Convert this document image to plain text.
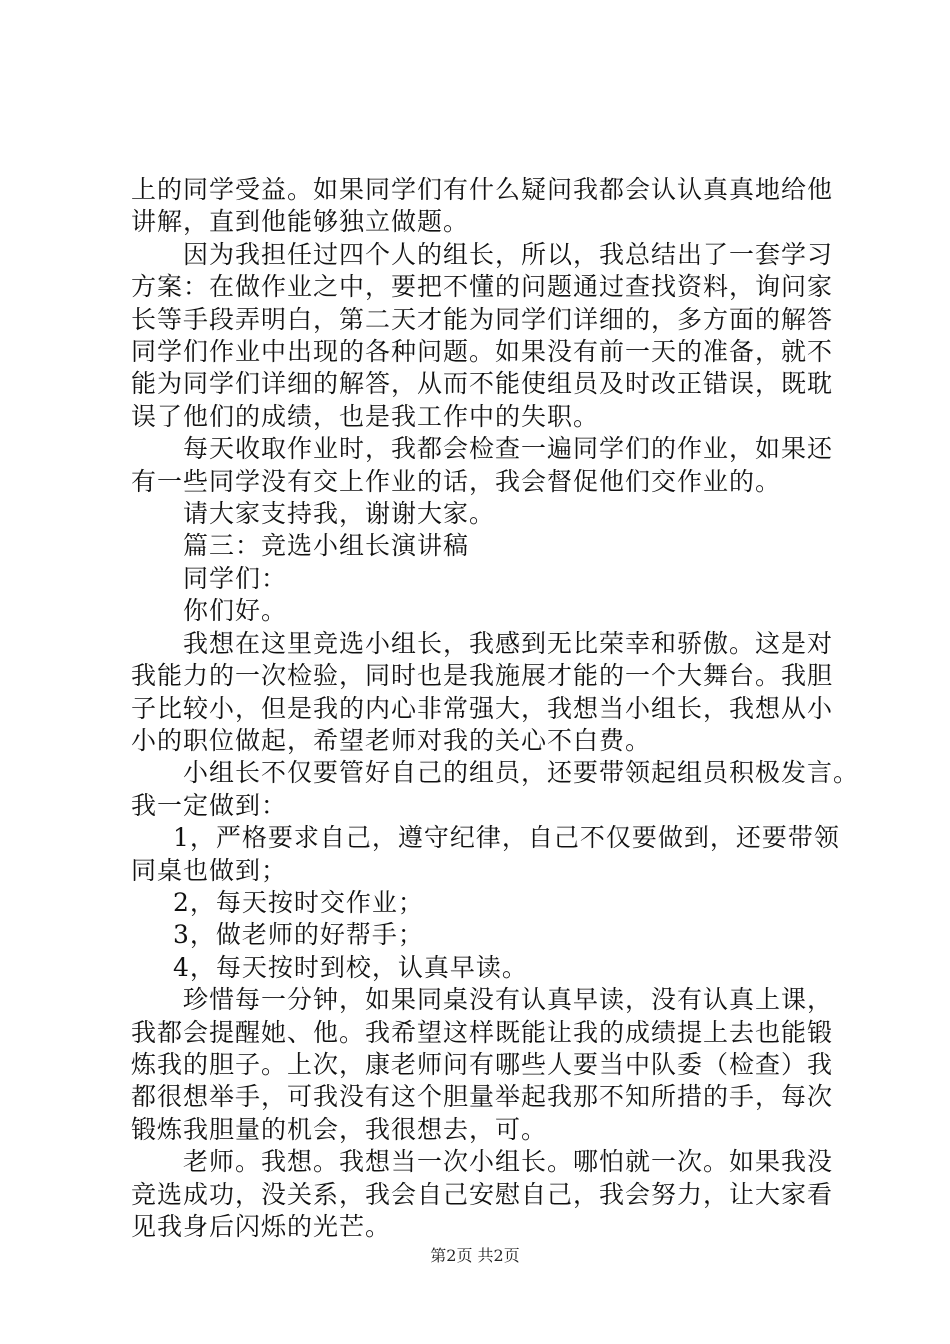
上的同学受益。如果同学们有什么疑问我都会认认真真地给他

讲解，直到他能够独立做题。

因为我担任过四个人的组长，所以，我总结出了一套学习

方案：在做作业之中，要把不懂的问题通过查找资料，询问家

长等手段弄明白，第二天才能为同学们详细的，多方面的解答

同学们作业中出现的各种问题。如果没有前一天的准备，就不

能为同学们详细的解答，从而不能使组员及时改正错误，既耽

误了他们的成绩，也是我工作中的失职。

每天收取作业时，我都会检查一遍同学们的作业，如果还

有一些同学没有交上作业的话，我会督促他们交作业的。

请大家支持我，谢谢大家。

篇三：竞选小组长演讲稿

同学们：

你们好。

我想在这里竞选小组长，我感到无比荣幸和骄傲。这是对

我能力的一次检验，同时也是我施展才能的一个大舞台。我胆

子比较小，但是我的内心非常强大，我想当小组长，我想从小

小的职位做起，希望老师对我的关心不白费。

小组长不仅要管好自己的组员，还要带领起组员积极发言。

我一定做到：

1，严格要求自己，遵守纪律，自己不仅要做到，还要带领

同桌也做到；

2，每天按时交作业；

3，做老师的好帮手；

4，每天按时到校，认真早读。

珍惜每一分钟，如果同桌没有认真早读，没有认真上课，

我都会提醒她、他。我希望这样既能让我的成绩提上去也能锻

炼我的胆子。上次，康老师问有哪些人要当中队委（检查）我

都很想举手，可我没有这个胆量举起我那不知所措的手，每次

锻炼我胆量的机会，我很想去，可。

老师。我想。我想当一次小组长。哪怕就一次。如果我没

竞选成功，没关系，我会自己安慰自己，我会努力，让大家看

见我身后闪烁的光芒。

第2页 共2页
